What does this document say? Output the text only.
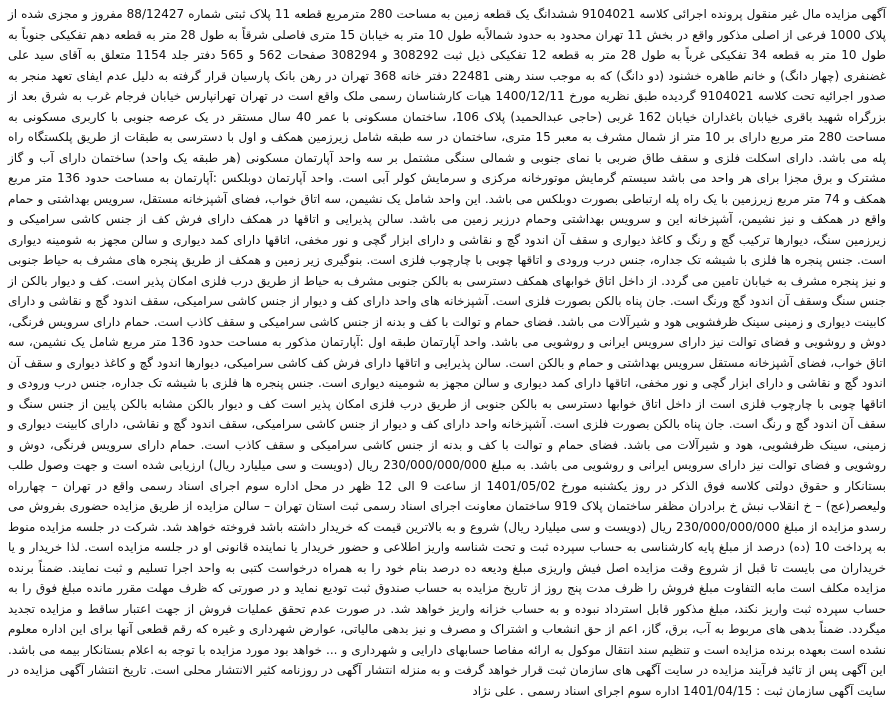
آگهی مزایده مال غیر منقول پرونده اجرائی کلاسه 9104021 ششدانگ یک قطعه زمین به مساحت 280 مترمربع قطعه 11 پلاک ثبتی شماره 88/12427 مفروز و مجزی شده از پلاک 1000 فرعی از اصلی مذکور واقع در بخش 11 تهران محدود به حدود شمالاًبه طول 10 متر به خیابان 15 متری فاصلی شرقاً به طول 28 متر به قطعه دهم تفکیکی جنوباً به طول 10 متر به قطعه 34 تفکیکی غرباً به طول 28 متر به قطعه 12 تفکیکی ذیل ثبت 308292 و 308294 صفحات 562 و 565 دفتر جلد 1154 متعلق به آقای سید علی غضنفری (چهار دانگ) و خانم طاهره خشنود (دو دانگ) که به موجب سند رهنی 22481 دفتر خانه 368 تهران در رهن بانک پارسیان قرار گرفته به دلیل عدم ایفای تعهد منجر به صدور اجرائیه تحت کلاسه 9104021 گردیده طبق نظریه مورخ 1400/12/11 هیات کارشناسان رسمی ملک واقع است در تهران تهرانپارس خیابان فرجام غرب به شرق بعد از بزرگراه شهید باقری خیابان باغداران خیابان 162 غربی (حاجی عبدالحمید) پلاک 106، ساختمان مسکونی با عمر 40 سال مستقر در یک عرصه جنوبی با کاربری مسکونی به مساحت 280 متر مربع دارای بر 10 متر از شمال مشرف به معبر 15 متری، ساختمان در سه طبقه شامل زیرزمین همکف و اول با دسترسی به طبقات از طریق پلکستگاه راه پله می باشد. دارای اسکلت فلزی و سقف طاق ضربی با نمای جنوبی و شمالی سنگی مشتمل بر سه واحد آپارتمان مسکونی (هر طبقه یک واحد) ساختمان دارای آب و گاز مشترک و برق مجزا برای هر واحد می باشد سیستم گرمایش موتورخانه مرکزی و سرمایش کولر آبی است. واحد آپارتمان دوبلکس :آپارتمان به مساحت حدود 136 متر مربع همکف و 74 متر مربع زیرزمین با یک راه پله ارتباطی بصورت دوبلکس می باشد. این واحد شامل یک نشیمن، سه اتاق خواب، فضای آشپزخانه مستقل، سرویس بهداشتی و حمام واقع در همکف و نیز نشیمن، آشپزخانه این و سرویس بهداشتی وحمام درزیر زمین می باشد. سالن پذیرایی و اتاقها در همکف دارای فرش کف از جنس کاشی سرامیکی و زیرزمین سنگ، دیوارها ترکیب گچ و رنگ و کاغذ دیواری و سقف آن اندود گچ و نقاشی و دارای ابزار گچی و نور مخفی، اتاقها دارای کمد دیواری و سالن مجهز به شومینه دیواری است. جنس پنجره ها فلزی با شیشه تک جداره، جنس درب ورودی و اتاقها چوبی با چارچوب فلزی است. بنوگیری زیر زمین و همکف از طریق پنجره های مشرف به حیاط جنوبی و نیز پنجره مشرف به خیابان تامین می گردد. از داخل اتاق خوابهای همکف دسترسی به بالکن جنوبی مشرف به حیاط از طریق درب فلزی امکان پذیر است. کف و دیوار بالکن از جنس سنگ وسقف آن اندود گچ ورنگ است. جان پناه بالکن بصورت فلزی است. آشپزخانه های واحد دارای کف و دیوار از جنس کاشی سرامیکی، سقف اندود گچ و نقاشی و دارای کابینت دیواری و زمینی سینک ظرفشویی هود و شیرآلات می باشد. فضای حمام و توالت با کف و بدنه از جنس کاشی سرامیکی و سقف کاذب است. حمام دارای سرویس فرنگی، دوش و روشویی و فضای توالت نیز دارای سرویس ایرانی و روشویی می باشد. واحد آپارتمان طبقه اول :آپارتمان مذکور به مساحت حدود 136 متر مربع شامل یک نشیمن، سه اتاق خواب، فضای آشپزخانه مستقل سرویس بهداشتی و حمام و بالکن است. سالن پذیرایی و اتاقها دارای فرش کف کاشی سرامیکی، دیوارها اندود گچ و کاغذ دیواری و سقف آن اندود گچ و نقاشی و دارای ابزار گچی و نور مخفی، اتاقها دارای کمد دیواری و سالن مجهز به شومینه دیواری است. جنس پنجره ها فلزی با شیشه تک جداره، جنس درب ورودی و اتاقها چوبی با چارچوب فلزی است از داخل اتاق خوابها دسترسی به بالکن جنوبی از طریق درب فلزی امکان پذیر است کف و دیوار بالکن مشابه بالکن پایین از جنس سنگ و سقف آن اندود گچ و رنگ است. جان پناه بالکن بصورت فلزی است. آشپزخانه واحد دارای کف و دیوار از جنس کاشی سرامیکی، سقف اندود گچ و نقاشی، دارای کابینت دیواری و زمینی، سینک ظرفشویی، هود و شیرآلات می باشد. فضای حمام و توالت با کف و بدنه از جنس کاشی سرامیکی و سقف کاذب است. حمام دارای سرویس فرنگی، دوش و روشویی و فضای توالت نیز دارای سرویس ایرانی و روشویی می باشد. به مبلغ 230/000/000/000 ریال (دویست و سی میلیارد ریال) ارزیابی شده است و جهت وصول طلب بستانکار و حقوق دولتی کلاسه فوق الذکر در روز یکشنبه مورخ 1401/05/02 از ساعت 9 الی 12 ظهر در محل اداره سوم اجرای اسناد رسمی واقع در تهران – چهارراه ولیعصر(عج) – خ انقلاب نبش خ برادران مظفر ساختمان پلاک 919 ساختمان معاونت اجرای اسناد رسمی ثبت استان تهران – سالن مزایده از طریق مزایده حضوری بفروش می رسدو مزایده از مبلغ 230/000/000/000 ریال (دویست و سی میلیارد ریال) شروع و به بالاترین قیمت که خریدار داشته باشد فروخته خواهد شد. شرکت در جلسه مزایده منوط به پرداخت 10 (ده) درصد از مبلغ پایه کارشناسی به حساب سپرده ثبت و تحت شناسه واریز اطلاعی و حضور خریدار یا نماینده قانونی او در جلسه مزایده است. لذا خریدار و یا خریداران می بایست تا قبل از شروع وقت مزایده اصل فیش واریزی مبلغ ودیعه ده درصد بنام خود را به همراه درخواست کتبی به واحد اجرا تسلیم و ثبت نمایند. ضمناً برنده مزایده مکلف است مابه التفاوت مبلغ فروش را ظرف مدت پنج روز از تاریخ مزایده به حساب صندوق ثبت تودیع نماید و در صورتی که ظرف مهلت مقرر مانده مبلغ فوق را به حساب سپرده ثبت واریز نکند، مبلغ مذکور قابل استرداد نبوده و به حساب خزانه واریز خواهد شد. در صورت عدم تحقق عملیات فروش از جهت اعتبار ساقط و مزایده تجدید میگردد. ضمناً بدهی های مربوط به آب، برق، گاز، اعم از حق انشعاب و اشتراک و مصرف و نیز بدهی مالیاتی، عوارض شهرداری و غیره که رقم قطعی آنها برای این اداره معلوم نشده است بعهده برنده مزایده است و تنظیم سند انتقال موکول به ارائه مفاصا حسابهای دارایی و شهرداری و ... خواهد بود مورد مزایده با توجه به اعلام بستانکار بیمه می باشد. این آگهی پس از تائید فرآیند مزایده در سایت آگهی های سازمان ثبت قرار خواهد گرفت و به منزله انتشار آگهی در روزنامه کثیر الانتشار محلی است. تاریخ انتشار آگهی مزایده در سایت آگهی سازمان ثبت : 1401/04/15 اداره سوم اجرای اسناد رسمی . علی نژاد
